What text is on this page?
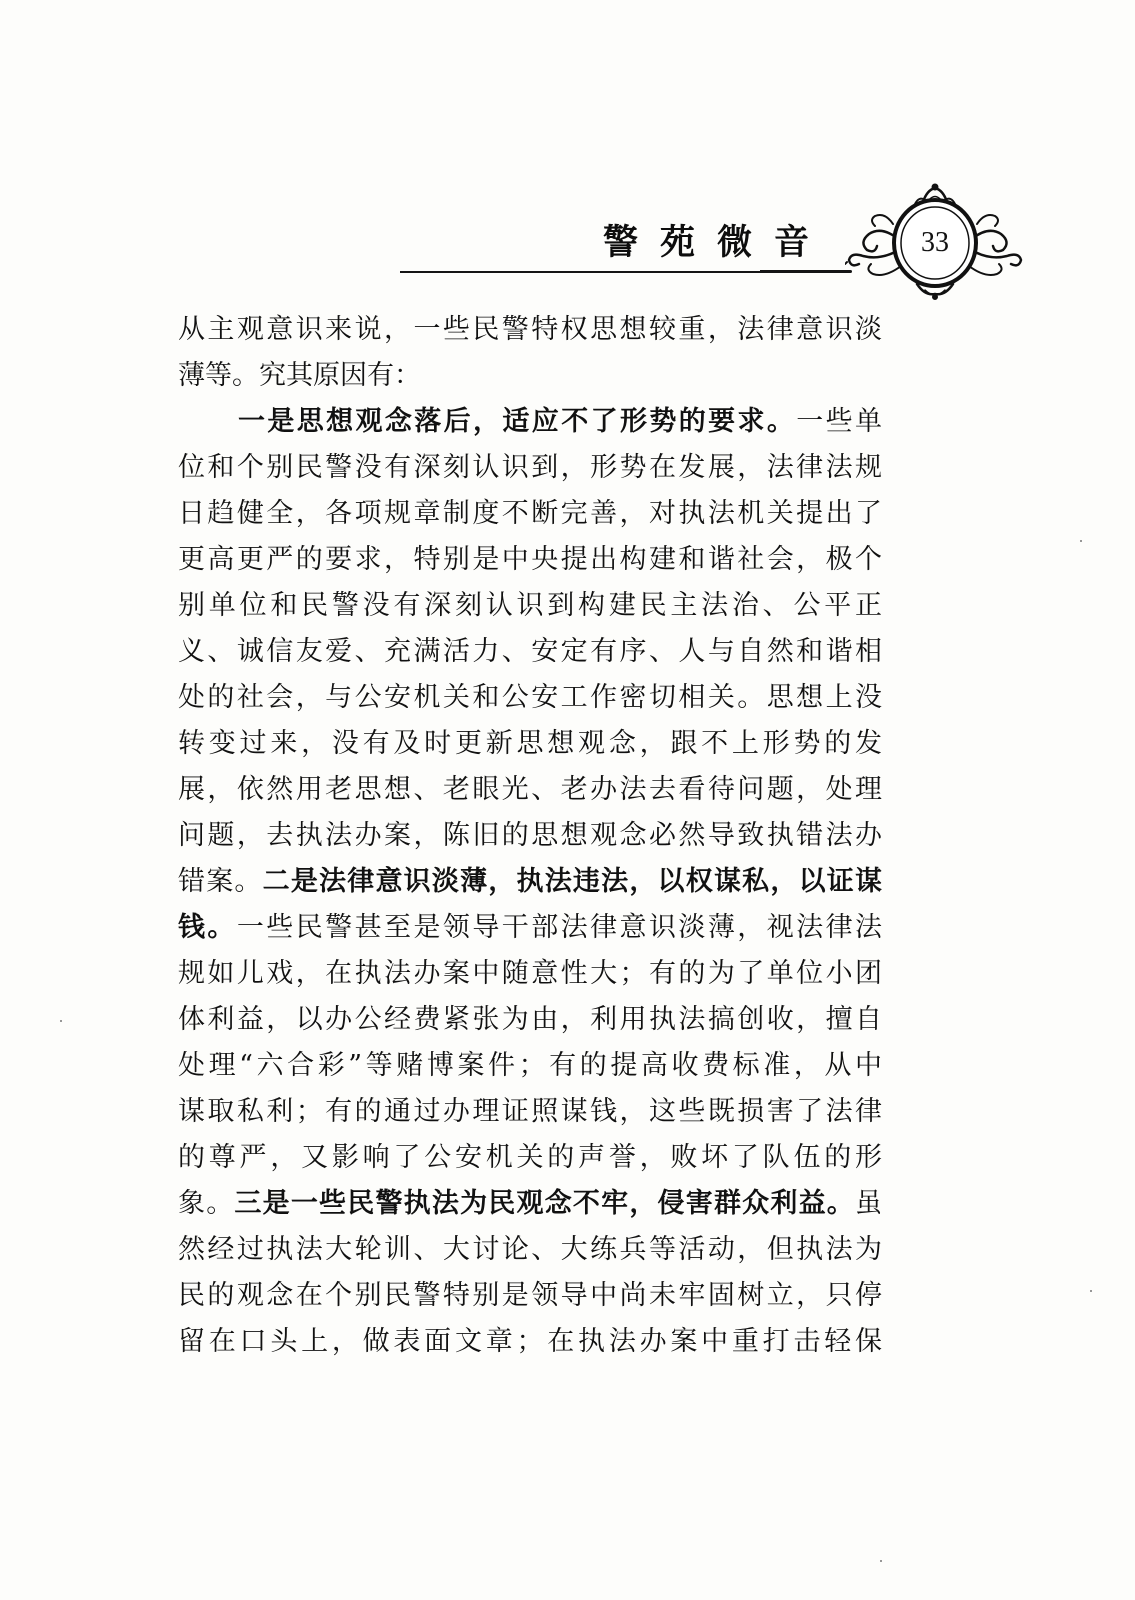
警苑微音	33
从主观意识来说，一些民警特权思想较重，法律意识淡
薄等。究其原因有：
一是思想观念落后，适应不了形势的要求。一些单
位和个别民警没有深刻认识到，形势在发展，法律法规
日趋健全，各项规章制度不断完善，对执法机关提出了
更高更严的要求，特别是中央提出构建和谐社会，极个
别单位和民警没有深刻认识到构建民主法治、公平正
义、诚信友爱、充满活力、安定有序、人与自然和谐相
处的社会，与公安机关和公安工作密切相关。思想上没
转变过来，没有及时更新思想观念，跟不上形势的发
展，依然用老思想、老眼光、老办法去看待问题，处理
问题，去执法办案，陈旧的思想观念必然导致执错法办
错案。二是法律意识淡薄，执法违法，以权谋私，以证谋
钱。一些民警甚至是领导干部法律意识淡薄，视法律法
规如儿戏，在执法办案中随意性大；有的为了单位小团
体利益，以办公经费紧张为由，利用执法搞创收，擅自
处理“六合彩”等赌博案件；有的提高收费标准，从中
谋取私利；有的通过办理证照谋钱，这些既损害了法律
的尊严，又影响了公安机关的声誉，败坏了队伍的形
象。三是一些民警执法为民观念不牢，侵害群众利益。虽
然经过执法大轮训、大讨论、大练兵等活动，但执法为
民的观念在个别民警特别是领导中尚未牢固树立，只停
留在口头上，做表面文章；在执法办案中重打击轻保
